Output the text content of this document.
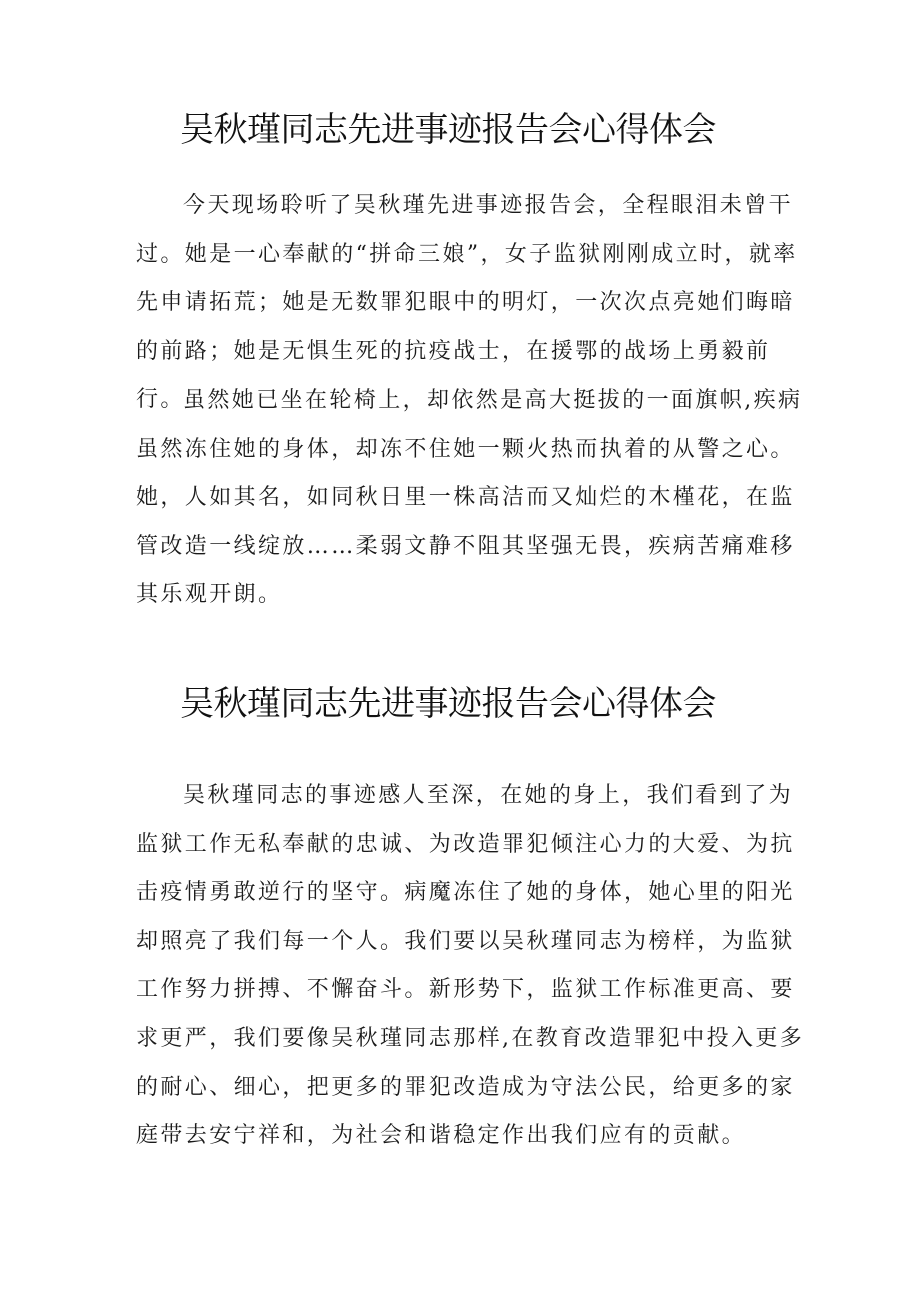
吴秋瑾同志先进事迹报告会心得体会

今天现场聆听了吴秋瑾先进事迹报告会，全程眼泪未曾干过。她是一心奉献的“拼命三娘”，女子监狱刚刚成立时，就率先申请拓荒；她是无数罪犯眼中的明灯，一次次点亮她们晦暗的前路；她是无惧生死的抗疫战士，在援鄂的战场上勇毅前行。

虽然她已坐在轮椅上，却依然是高大挺拔的一面旗帜,疾病虽然冻住她的身体，却冻不住她一颗火热而执着的从警之心。她，人如其名，如同秋日里一株高洁而又灿烂的木槿花，在监管改造一线绽放……柔弱文静不阻其坚强无畏，疾病苦痛难移其乐观开朗。

吴秋瑾同志先进事迹报告会心得体会

吴秋瑾同志的事迹感人至深，在她的身上，我们看到了为监狱工作无私奉献的忠诚、为改造罪犯倾注心力的大爱、为抗击疫情勇敢逆行的坚守。病魔冻住了她的身体，她心里的阳光却照亮了我们每一个人。我们要以吴秋瑾同志为榜样，为监狱工作努力拼搏、不懈奋斗。新形势下，监狱工作标准更高、要求更严，我们要像吴秋瑾同志那样,在教育改造罪犯中投入更多的耐心、细心，把更多的罪犯改造成为守法公民，给更多的家庭带去安宁祥和，为社会和谐稳定作出我们应有的贡献。
